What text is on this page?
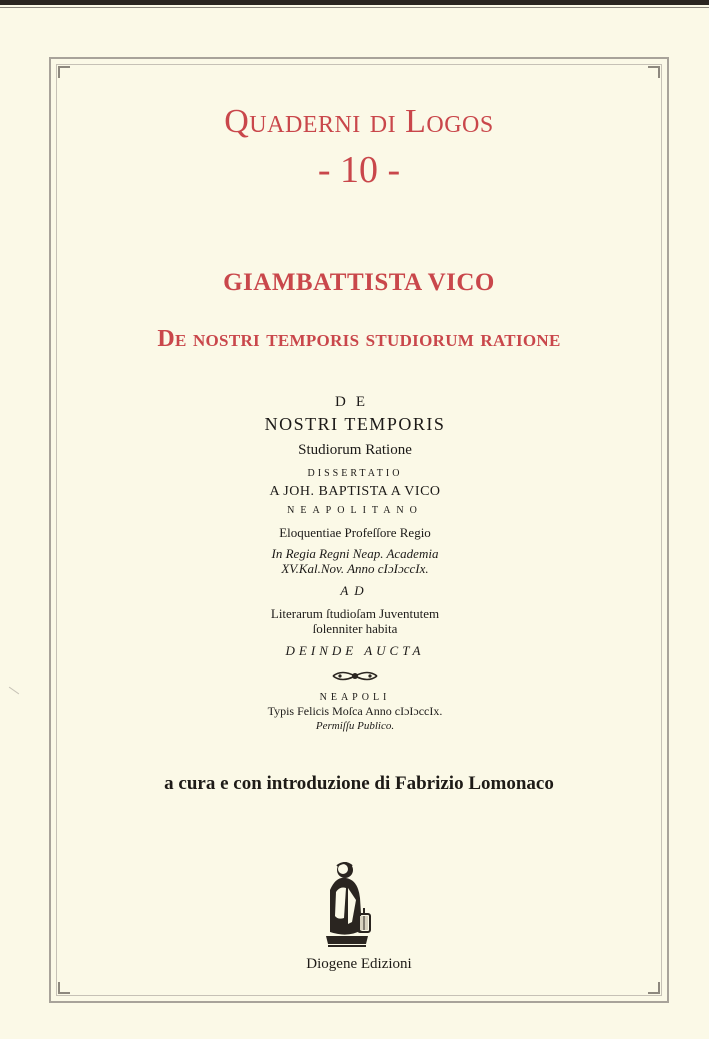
Quaderni di Logos
- 10 -
GIAMBATTISTA VICO
De nostri temporis studiorum ratione
DE
NOSTRI TEMPORIS
Studiorum Ratione
DISSERTATIO
A JOH. BAPTISTA A VICO
NEAPOLITANO
Eloquentiae Profeſſore Regio
In Regia Regni Neap. Academia
XV.Kal.Nov. Anno cIɔIɔccIx.
AD
Literarum ſtudioſam Juventutem
ſolenniter habita
DEINDE AUCTA
NEAPOLI
Typis Felicis Moſca Anno cIɔIɔccIx.
Permiſſu Publico.
a cura e con introduzione di Fabrizio Lomonaco
Diogene Edizioni
